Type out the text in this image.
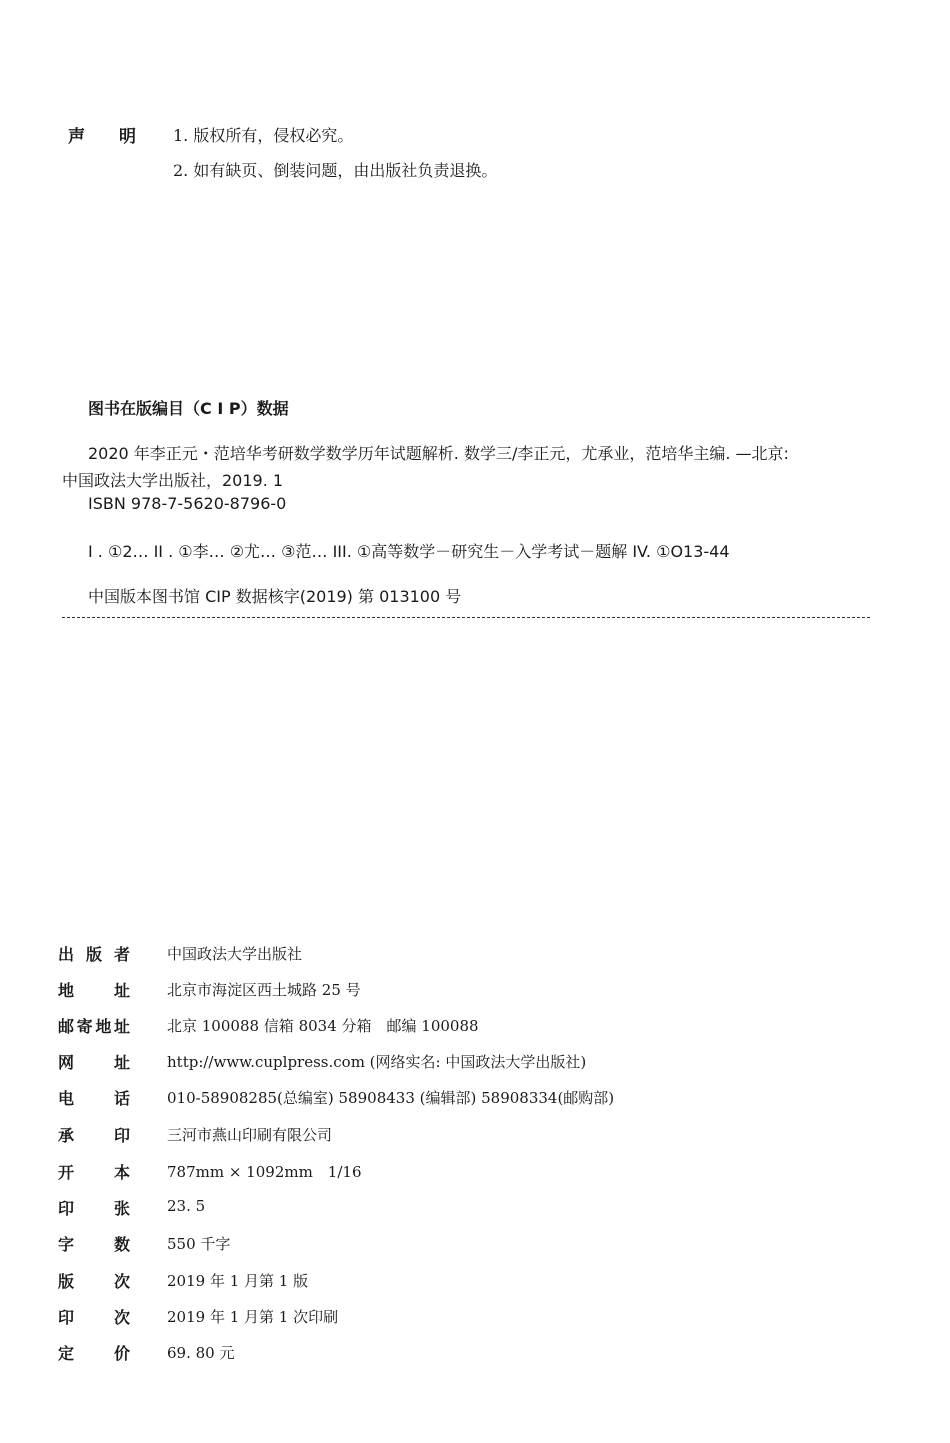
声明 1. 版权所有，侵权必究。
2. 如有缺页、倒装问题，由出版社负责退换。
图书在版编目（C I P）数据
2020 年李正元・范培华考研数学数学历年试题解析. 数学三/李正元，尤承业，范培华主编. —北京:
中国政法大学出版社，2019. 1
ISBN 978-7-5620-8796-0
I . ①2… II . ①李… ②尤… ③范… III. ①高等数学－研究生－入学考试－题解 IV. ①O13-44
中国版本图书馆 CIP 数据核字(2019) 第 013100 号
出 版 者 中国政法大学出版社
地 址 北京市海淀区西土城路 25 号
邮 寄 地 址 北京 100088 信箱 8034 分箱　邮编 100088
网 址 http://www.cuplpress.com (网络实名: 中国政法大学出版社)
电 话 010-58908285(总编室) 58908433 (编辑部) 58908334(邮购部)
承 印 三河市燕山印刷有限公司
开 本 787mm × 1092mm　1/16
印 张 23. 5
字 数 550 千字
版 次 2019 年 1 月第 1 版
印 次 2019 年 1 月第 1 次印刷
定 价 69. 80 元
